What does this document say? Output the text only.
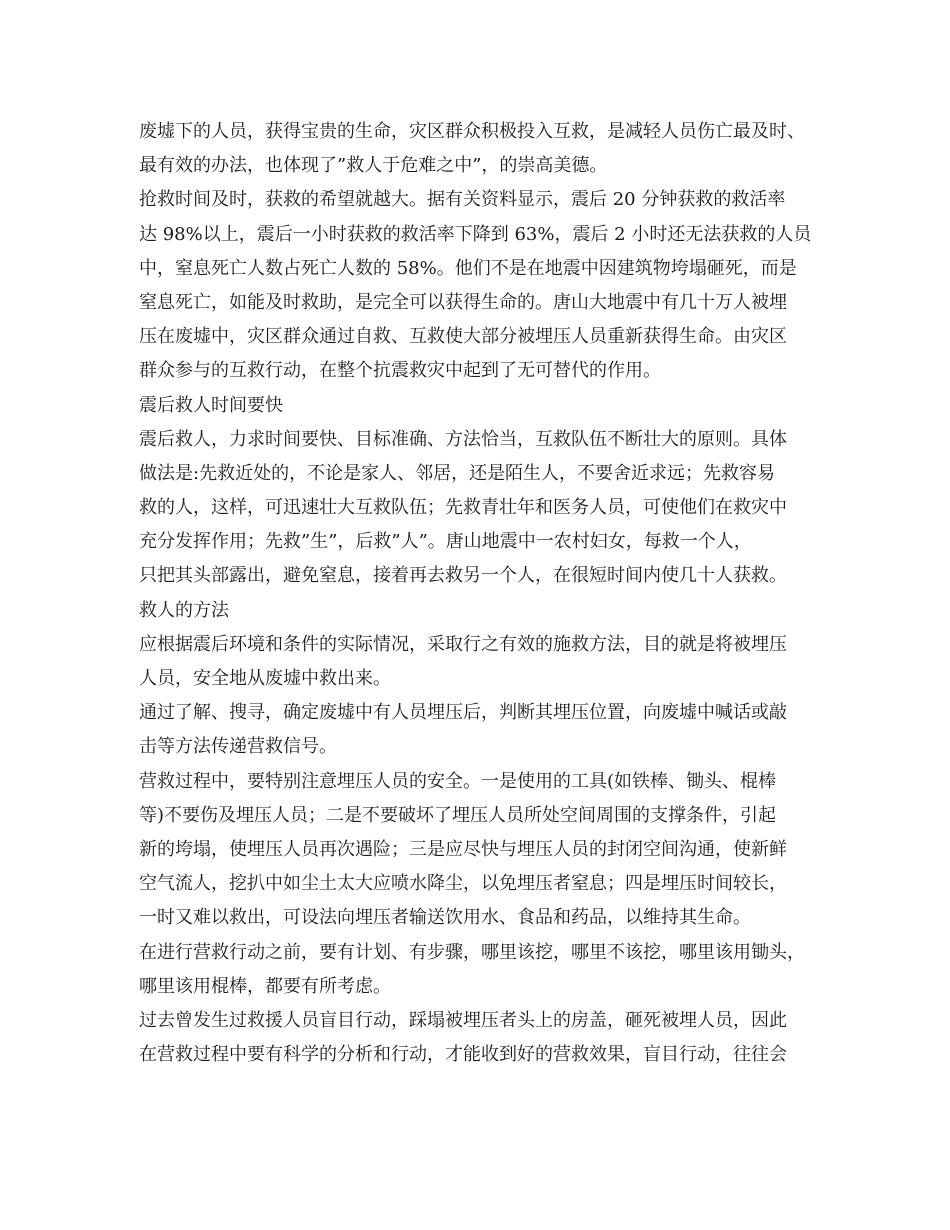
废墟下的人员，获得宝贵的生命，灾区群众积极投入互救，是减轻人员伤亡最及时、
最有效的办法，也体现了”救人于危难之中”，的崇高美德。
抢救时间及时，获救的希望就越大。据有关资料显示，震后 20 分钟获救的救活率
达 98%以上，震后一小时获救的救活率下降到 63%，震后 2 小时还无法获救的人员
中，窒息死亡人数占死亡人数的 58%。他们不是在地震中因建筑物垮塌砸死，而是
窒息死亡，如能及时救助，是完全可以获得生命的。唐山大地震中有几十万人被埋
压在废墟中，灾区群众通过自救、互救使大部分被埋压人员重新获得生命。由灾区
群众参与的互救行动，在整个抗震救灾中起到了无可替代的作用。
震后救人时间要快
震后救人，力求时间要快、目标准确、方法恰当，互救队伍不断壮大的原则。具体
做法是:先救近处的，不论是家人、邻居，还是陌生人，不要舍近求远；先救容易
救的人，这样，可迅速壮大互救队伍；先救青壮年和医务人员，可使他们在救灾中
充分发挥作用；先救”生”，后救”人”。唐山地震中一农村妇女，每救一个人，
只把其头部露出，避免窒息，接着再去救另一个人，在很短时间内使几十人获救。
救人的方法
应根据震后环境和条件的实际情况，采取行之有效的施救方法，目的就是将被埋压
人员，安全地从废墟中救出来。
通过了解、搜寻，确定废墟中有人员埋压后，判断其埋压位置，向废墟中喊话或敲
击等方法传递营救信号。
营救过程中，要特别注意埋压人员的安全。一是使用的工具(如铁棒、锄头、棍棒
等)不要伤及埋压人员；二是不要破坏了埋压人员所处空间周围的支撑条件，引起
新的垮塌，使埋压人员再次遇险；三是应尽快与埋压人员的封闭空间沟通，使新鲜
空气流人，挖扒中如尘土太大应喷水降尘，以免埋压者窒息；四是埋压时间较长，
一时又难以救出，可设法向埋压者输送饮用水、食品和药品，以维持其生命。
在进行营救行动之前，要有计划、有步骤，哪里该挖，哪里不该挖，哪里该用锄头，
哪里该用棍棒，都要有所考虑。
过去曾发生过救援人员盲目行动，踩塌被埋压者头上的房盖，砸死被埋人员，因此
在营救过程中要有科学的分析和行动，才能收到好的营救效果，盲目行动，往往会
